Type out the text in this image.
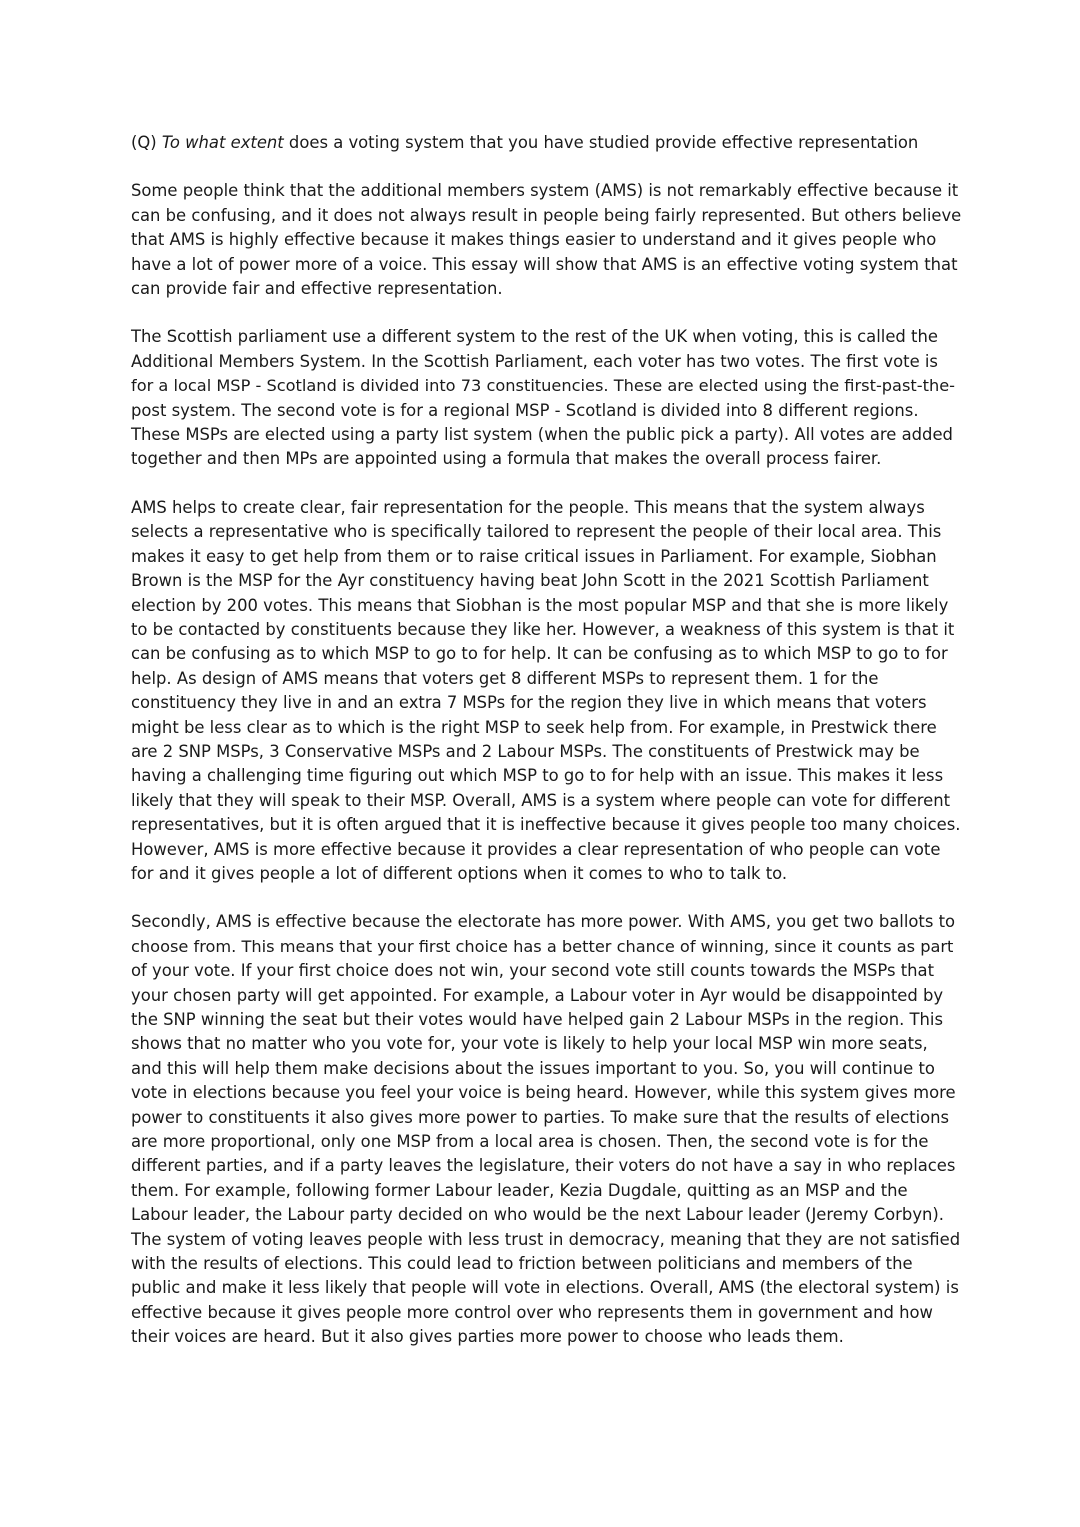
(Q) To what extent does a voting system that you have studied provide effective representation

Some people think that the additional members system (AMS) is not remarkably effective because it
can be confusing, and it does not always result in people being fairly represented. But others believe
that AMS is highly effective because it makes things easier to understand and it gives people who
have a lot of power more of a voice. This essay will show that AMS is an effective voting system that
can provide fair and effective representation.

The Scottish parliament use a different system to the rest of the UK when voting, this is called the
Additional Members System. In the Scottish Parliament, each voter has two votes. The first vote is
for a local MSP - Scotland is divided into 73 constituencies. These are elected using the first-past-the-
post system. The second vote is for a regional MSP - Scotland is divided into 8 different regions.
These MSPs are elected using a party list system (when the public pick a party). All votes are added
together and then MPs are appointed using a formula that makes the overall process fairer.

AMS helps to create clear, fair representation for the people. This means that the system always
selects a representative who is specifically tailored to represent the people of their local area. This
makes it easy to get help from them or to raise critical issues in Parliament. For example, Siobhan
Brown is the MSP for the Ayr constituency having beat John Scott in the 2021 Scottish Parliament
election by 200 votes. This means that Siobhan is the most popular MSP and that she is more likely
to be contacted by constituents because they like her. However, a weakness of this system is that it
can be confusing as to which MSP to go to for help. It can be confusing as to which MSP to go to for
help. As design of AMS means that voters get 8 different MSPs to represent them. 1 for the
constituency they live in and an extra 7 MSPs for the region they live in which means that voters
might be less clear as to which is the right MSP to seek help from. For example, in Prestwick there
are 2 SNP MSPs, 3 Conservative MSPs and 2 Labour MSPs. The constituents of Prestwick may be
having a challenging time figuring out which MSP to go to for help with an issue. This makes it less
likely that they will speak to their MSP. Overall, AMS is a system where people can vote for different
representatives, but it is often argued that it is ineffective because it gives people too many choices.
However, AMS is more effective because it provides a clear representation of who people can vote
for and it gives people a lot of different options when it comes to who to talk to.

Secondly, AMS is effective because the electorate has more power. With AMS, you get two ballots to
choose from. This means that your first choice has a better chance of winning, since it counts as part
of your vote. If your first choice does not win, your second vote still counts towards the MSPs that
your chosen party will get appointed. For example, a Labour voter in Ayr would be disappointed by
the SNP winning the seat but their votes would have helped gain 2 Labour MSPs in the region. This
shows that no matter who you vote for, your vote is likely to help your local MSP win more seats,
and this will help them make decisions about the issues important to you. So, you will continue to
vote in elections because you feel your voice is being heard. However, while this system gives more
power to constituents it also gives more power to parties. To make sure that the results of elections
are more proportional, only one MSP from a local area is chosen. Then, the second vote is for the
different parties, and if a party leaves the legislature, their voters do not have a say in who replaces
them. For example, following former Labour leader, Kezia Dugdale, quitting as an MSP and the
Labour leader, the Labour party decided on who would be the next Labour leader (Jeremy Corbyn).
The system of voting leaves people with less trust in democracy, meaning that they are not satisfied
with the results of elections. This could lead to friction between politicians and members of the
public and make it less likely that people will vote in elections. Overall, AMS (the electoral system) is
effective because it gives people more control over who represents them in government and how
their voices are heard. But it also gives parties more power to choose who leads them.
